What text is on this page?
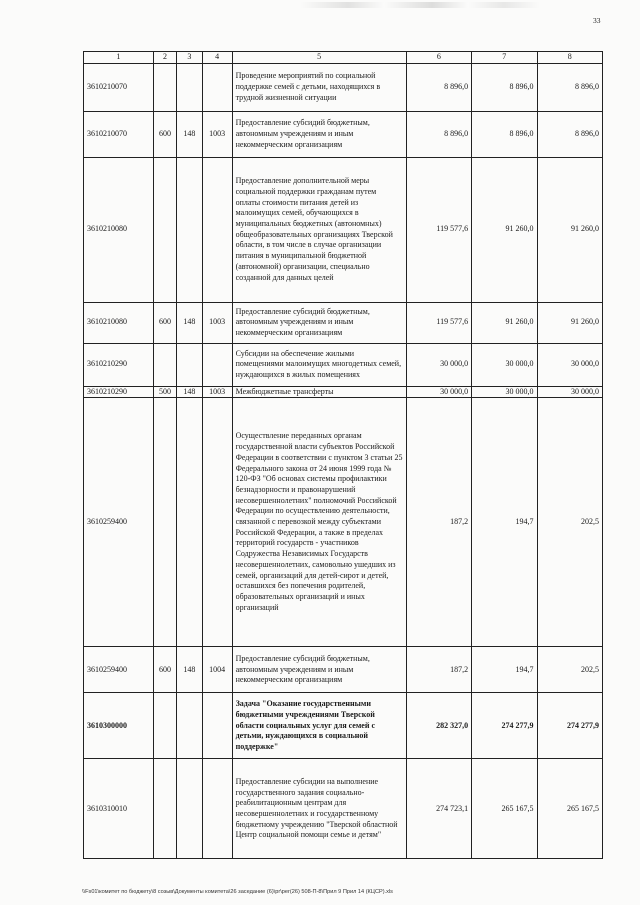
33
1	2	3	4	5	6	7	8
3610210070				Проведение мероприятий по социальной поддержке семей с детьми, находящихся в трудной жизненной ситуации	8 896,0	8 896,0	8 896,0
3610210070	600	148	1003	Предоставление субсидий бюджетным, автономным учреждениям и иным некоммерческим организациям	8 896,0	8 896,0	8 896,0
3610210080				Предоставление дополнительной меры социальной поддержки гражданам путем оплаты стоимости питания детей из малоимущих семей, обучающихся в муниципальных бюджетных (автономных) общеобразовательных организациях Тверской области, в том числе в случае организации питания в муниципальной бюджетной (автономной) организации, специально созданной для данных целей	119 577,6	91 260,0	91 260,0
3610210080	600	148	1003	Предоставление субсидий бюджетным, автономным учреждениям и иным некоммерческим организациям	119 577,6	91 260,0	91 260,0
3610210290				Субсидии на обеспечение жилыми помещениями малоимущих многодетных семей, нуждающихся в жилых помещениях	30 000,0	30 000,0	30 000,0
3610210290	500	148	1003	Межбюджетные трансферты	30 000,0	30 000,0	30 000,0
3610259400				Осуществление переданных органам государственной власти субъектов Российской Федерации в соответствии с пунктом 3 статьи 25 Федерального закона от 24 июня 1999 года № 120-ФЗ "Об основах системы профилактики безнадзорности и правонарушений несовершеннолетних" полномочий Российской Федерации по осуществлению деятельности, связанной с перевозкой между субъектами Российской Федерации, а также в пределах территорий государств - участников Содружества Независимых Государств несовершеннолетних, самовольно ушедших из семей, организаций для детей-сирот и детей, оставшихся без попечения родителей, образовательных организаций и иных организаций	187,2	194,7	202,5
3610259400	600	148	1004	Предоставление субсидий бюджетным, автономным учреждениям и иным некоммерческим организациям	187,2	194,7	202,5
3610300000				Задача "Оказание государственными бюджетными учреждениями Тверской области социальных услуг для семей с детьми, нуждающихся в социальной поддержке"	282 327,0	274 277,9	274 277,9
3610310010				Предоставление субсидии на выполнение государственного задания социально-реабилитационным центрам для несовершеннолетних и государственному бюджетному учреждению "Тверской областной Центр социальной помощи семье и детям"	274 723,1	265 167,5	265 167,5
\\Fs01\комитет по бюджету\8 созыв\Документы комитета\26 заседание (6)\pr\per(26) 508-П-8\Прил 9 Прил 14 (КЦСР).xls
